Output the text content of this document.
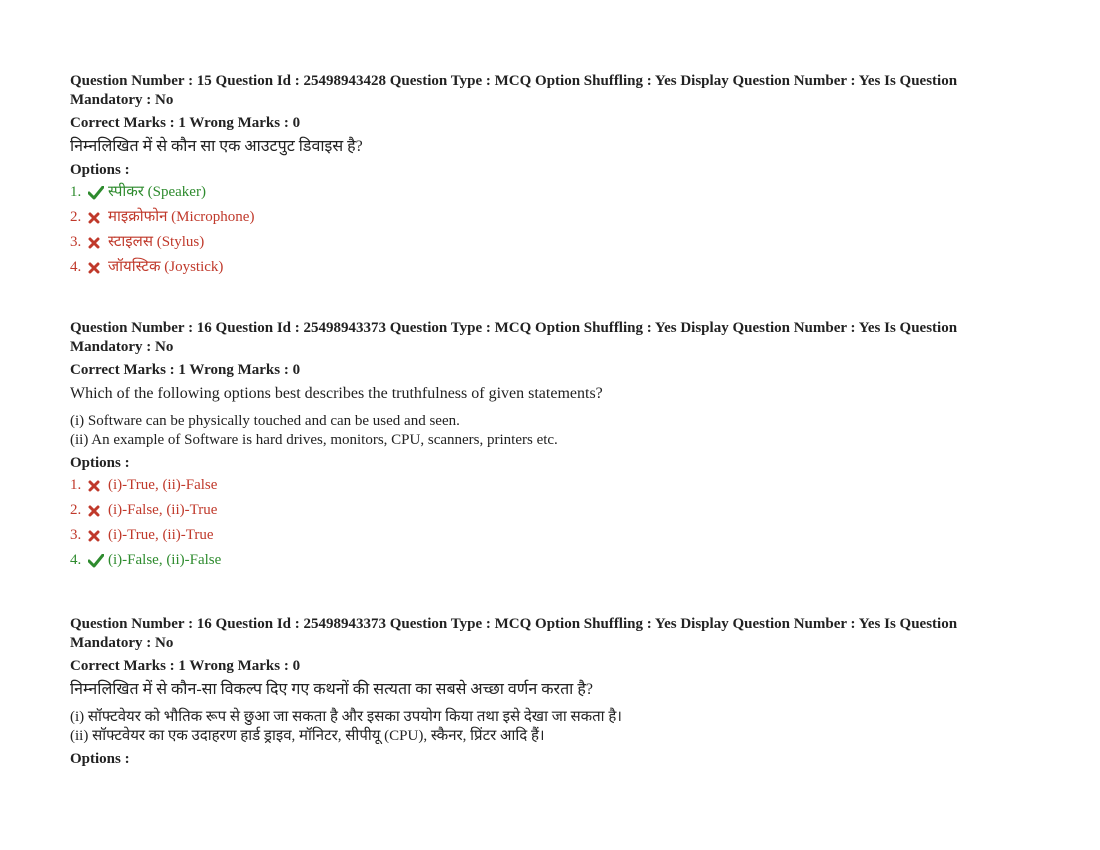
Question Number : 15 Question Id : 25498943428 Question Type : MCQ Option Shuffling : Yes Display Question Number : Yes Is Question Mandatory : No
Correct Marks : 1 Wrong Marks : 0
निम्नलिखित में से कौन सा एक आउटपुट डिवाइस है?
Options :
1.	स्पीकर (Speaker)
2.	माइक्रोफोन (Microphone)
3.	स्टाइलस (Stylus)
4.	जॉयस्टिक (Joystick)
Question Number : 16 Question Id : 25498943373 Question Type : MCQ Option Shuffling : Yes Display Question Number : Yes Is Question Mandatory : No
Correct Marks : 1 Wrong Marks : 0
Which of the following options best describes the truthfulness of given statements?
(i) Software can be physically touched and can be used and seen.
(ii) An example of Software is hard drives, monitors, CPU, scanners, printers etc.
Options :
1.	(i)-True, (ii)-False
2.	(i)-False, (ii)-True
3.	(i)-True, (ii)-True
4.	(i)-False, (ii)-False
Question Number : 16 Question Id : 25498943373 Question Type : MCQ Option Shuffling : Yes Display Question Number : Yes Is Question Mandatory : No
Correct Marks : 1 Wrong Marks : 0
निम्नलिखित में से कौन-सा विकल्प दिए गए कथनों की सत्यता का सबसे अच्छा वर्णन करता है?
(i) सॉफ्टवेयर को भौतिक रूप से छुआ जा सकता है और इसका उपयोग किया तथा इसे देखा जा सकता है।
(ii) सॉफ्टवेयर का एक उदाहरण हार्ड ड्राइव, मॉनिटर, सीपीयू (CPU), स्कैनर, प्रिंटर आदि हैं।
Options :
